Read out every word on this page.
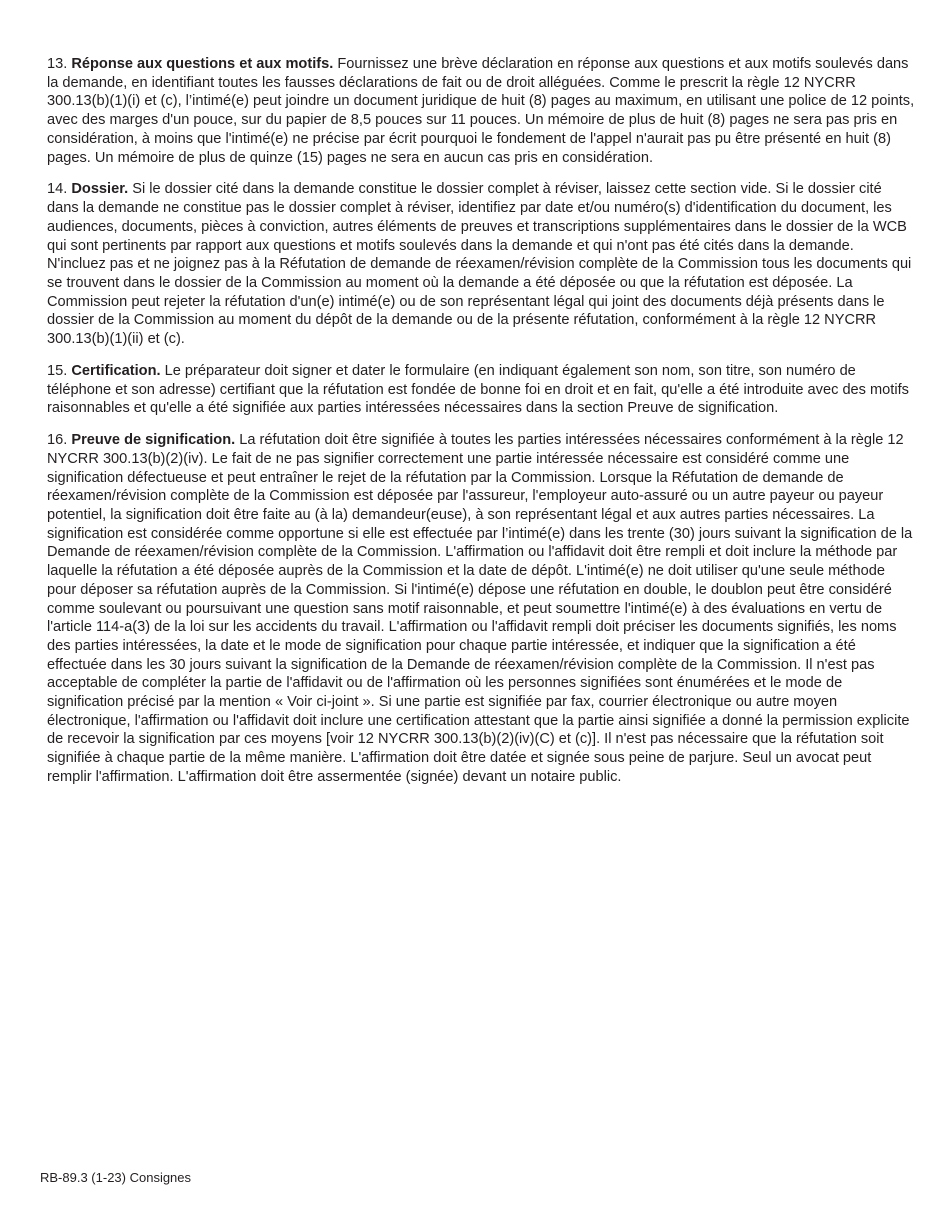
13. Réponse aux questions et aux motifs. Fournissez une brève déclaration en réponse aux questions et aux motifs soulevés dans la demande, en identifiant toutes les fausses déclarations de fait ou de droit alléguées. Comme le prescrit la règle 12 NYCRR 300.13(b)(1)(i) et (c), l’intimé(e) peut joindre un document juridique de huit (8) pages au maximum, en utilisant une police de 12 points, avec des marges d'un pouce, sur du papier de 8,5 pouces sur 11 pouces. Un mémoire de plus de huit (8) pages ne sera pas pris en considération, à moins que l'intimé(e) ne précise par écrit pourquoi le fondement de l'appel n'aurait pas pu être présenté en huit (8) pages. Un mémoire de plus de quinze (15) pages ne sera en aucun cas pris en considération.

14. Dossier. Si le dossier cité dans la demande constitue le dossier complet à réviser, laissez cette section vide. Si le dossier cité dans la demande ne constitue pas le dossier complet à réviser, identifiez par date et/ou numéro(s) d'identification du document, les audiences, documents, pièces à conviction, autres éléments de preuves et transcriptions supplémentaires dans le dossier de la WCB qui sont pertinents par rapport aux questions et motifs soulevés dans la demande et qui n'ont pas été cités dans la demande. N'incluez pas et ne joignez pas à la Réfutation de demande de réexamen/révision complète de la Commission tous les documents qui se trouvent dans le dossier de la Commission au moment où la demande a été déposée ou que la réfutation est déposée. La Commission peut rejeter la réfutation d'un(e) intimé(e) ou de son représentant légal qui joint des documents déjà présents dans le dossier de la Commission au moment du dépôt de la demande ou de la présente réfutation, conformément à la règle 12 NYCRR 300.13(b)(1)(ii) et (c).

15. Certification. Le préparateur doit signer et dater le formulaire (en indiquant également son nom, son titre, son numéro de téléphone et son adresse) certifiant que la réfutation est fondée de bonne foi en droit et en fait, qu'elle a été introduite avec des motifs raisonnables et qu'elle a été signifiée aux parties intéressées nécessaires dans la section Preuve de signification.

16. Preuve de signification. La réfutation doit être signifiée à toutes les parties intéressées nécessaires conformément à la règle 12 NYCRR 300.13(b)(2)(iv). Le fait de ne pas signifier correctement une partie intéressée nécessaire est considéré comme une signification défectueuse et peut entraîner le rejet de la réfutation par la Commission. Lorsque la Réfutation de demande de réexamen/révision complète de la Commission est déposée par l'assureur, l'employeur auto-assuré ou un autre payeur ou payeur potentiel, la signification doit être faite au (à la) demandeur(euse), à son représentant légal et aux autres parties nécessaires. La signification est considérée comme opportune si elle est effectuée par l’intimé(e) dans les trente (30) jours suivant la signification de la Demande de réexamen/révision complète de la Commission. L'affirmation ou l'affidavit doit être rempli et doit inclure la méthode par laquelle la réfutation a été déposée auprès de la Commission et la date de dépôt. L'intimé(e) ne doit utiliser qu'une seule méthode pour déposer sa réfutation auprès de la Commission. Si l'intimé(e) dépose une réfutation en double, le doublon peut être considéré comme soulevant ou poursuivant une question sans motif raisonnable, et peut soumettre l'intimé(e) à des évaluations en vertu de l'article 114-a(3) de la loi sur les accidents du travail. L'affirmation ou l'affidavit rempli doit préciser les documents signifiés, les noms des parties intéressées, la date et le mode de signification pour chaque partie intéressée, et indiquer que la signification a été effectuée dans les 30 jours suivant la signification de la Demande de réexamen/révision complète de la Commission. Il n'est pas acceptable de compléter la partie de l'affidavit ou de l'affirmation où les personnes signifiées sont énumérées et le mode de signification précisé par la mention « Voir ci-joint ». Si une partie est signifiée par fax, courrier électronique ou autre moyen électronique, l'affirmation ou l'affidavit doit inclure une certification attestant que la partie ainsi signifiée a donné la permission explicite de recevoir la signification par ces moyens [voir 12 NYCRR 300.13(b)(2)(iv)(C) et (c)]. Il n'est pas nécessaire que la réfutation soit signifiée à chaque partie de la même manière. L'affirmation doit être datée et signée sous peine de parjure. Seul un avocat peut remplir l'affirmation. L'affirmation doit être assermentée (signée) devant un notaire public.

RB-89.3 (1-23) Consignes
